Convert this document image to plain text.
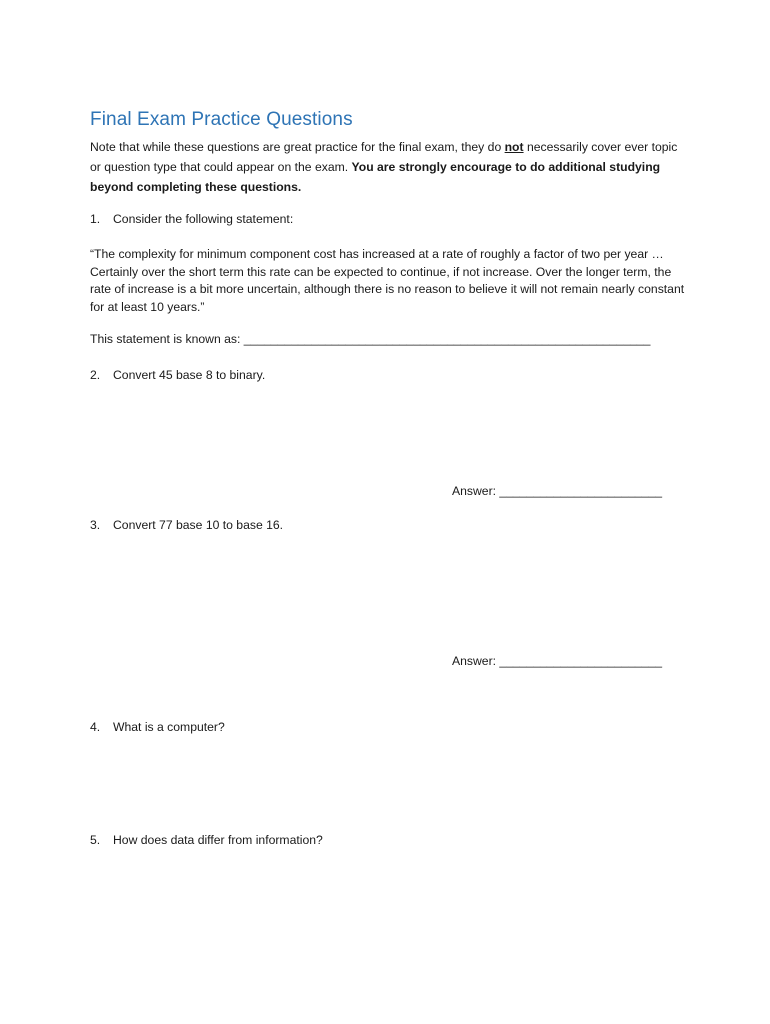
Final Exam Practice Questions
Note that while these questions are great practice for the final exam, they do not necessarily cover ever topic or question type that could appear on the exam. You are strongly encourage to do additional studying beyond completing these questions.
1. Consider the following statement:
“The complexity for minimum component cost has increased at a rate of roughly a factor of two per year … Certainly over the short term this rate can be expected to continue, if not increase. Over the longer term, the rate of increase is a bit more uncertain, although there is no reason to believe it will not remain nearly constant for at least 10 years.”
This statement is known as: ____________________________________________________________
2. Convert 45 base 8 to binary.
Answer: ________________________
3. Convert 77 base 10 to base 16.
Answer: ________________________
4. What is a computer?
5. How does data differ from information?
